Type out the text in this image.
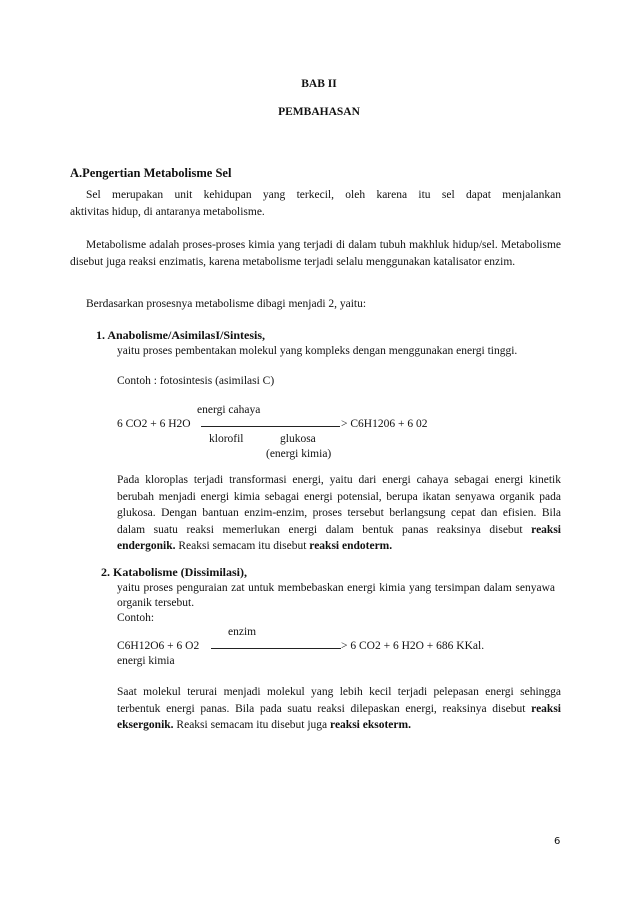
BAB II
PEMBAHASAN
A.Pengertian Metabolisme Sel
Sel merupakan unit kehidupan yang terkecil, oleh karena itu sel dapat menjalankan
aktivitas hidup, di antaranya metabolisme.
Metabolisme adalah proses-proses kimia yang terjadi di dalam tubuh makhluk hidup/sel. Metabolisme disebut juga reaksi enzimatis, karena metabolisme terjadi selalu menggunakan katalisator enzim.
Berdasarkan prosesnya metabolisme dibagi menjadi 2, yaitu:
1. Anabolisme/AsimilasI/Sintesis,
yaitu proses pembentakan molekul yang kompleks dengan menggunakan energi tinggi.
Contoh : fotosintesis (asimilasi C)
energi cahaya
6 CO2 + 6 H2O	> C6H1206 + 6 02
klorofil	glukosa
(energi kimia)
Pada kloroplas terjadi transformasi energi, yaitu dari energi cahaya sebagai energi kinetik berubah menjadi energi kimia sebagai energi potensial, berupa ikatan senyawa organik pada glukosa. Dengan bantuan enzim-enzim, proses tersebut berlangsung cepat dan efisien. Bila dalam suatu reaksi memerlukan energi dalam bentuk panas reaksinya disebut reaksi endergonik. Reaksi semacam itu disebut reaksi endoterm.
2. Katabolisme (Dissimilasi),
yaitu proses penguraian zat untuk membebaskan energi kimia yang tersimpan dalam senyawa organik tersebut.
Contoh:
enzim
C6H12O6 + 6 O2	> 6 CO2 + 6 H2O + 686 KKal.
energi kimia
Saat molekul terurai menjadi molekul yang lebih kecil terjadi pelepasan energi sehingga terbentuk energi panas. Bila pada suatu reaksi dilepaskan energi, reaksinya disebut reaksi eksergonik. Reaksi semacam itu disebut juga reaksi eksoterm.
6
